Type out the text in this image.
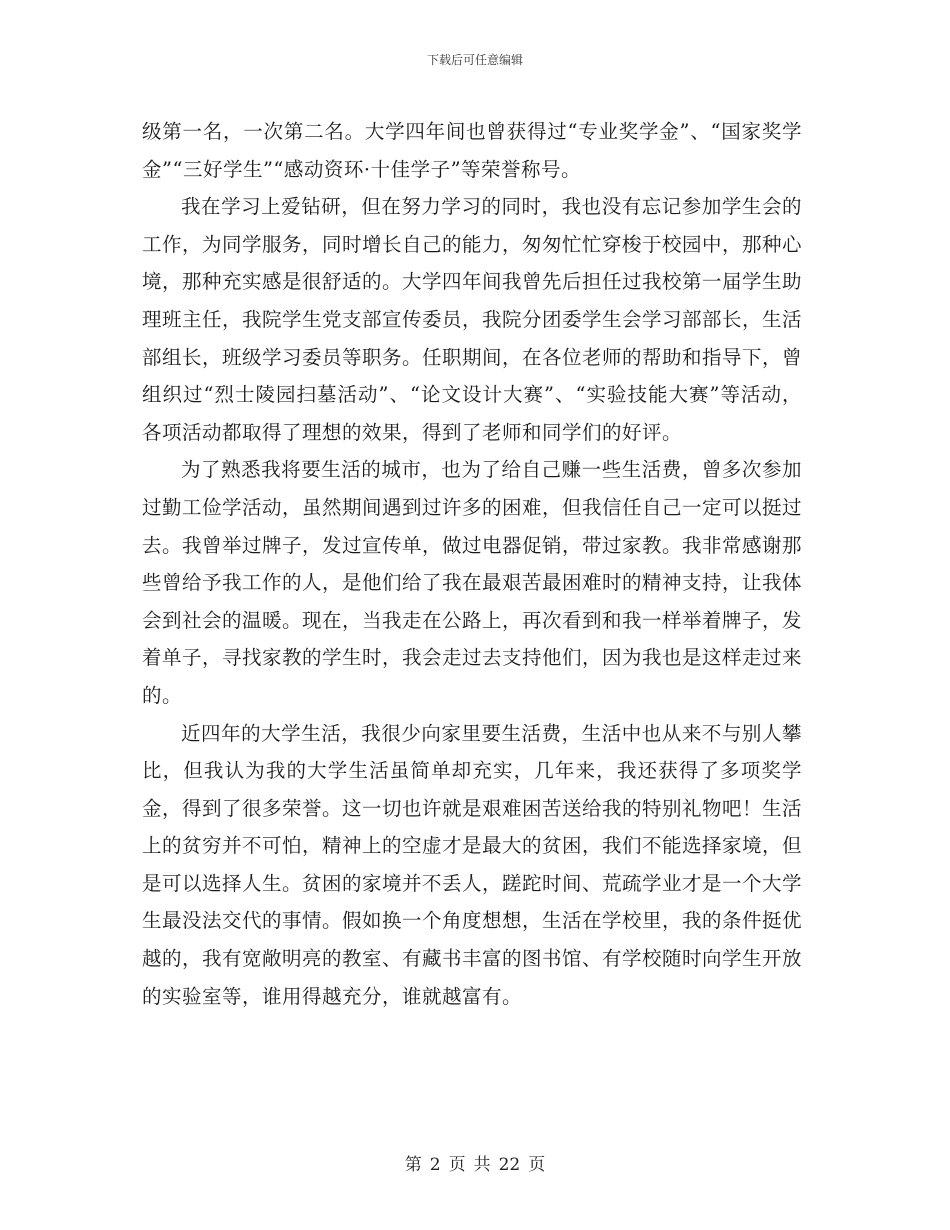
下载后可任意编辑

级第一名，一次第二名。大学四年间也曾获得过“专业奖学金”、“国家奖学金”“三好学生”“感动资环·十佳学子”等荣誉称号。

我在学习上爱钻研，但在努力学习的同时，我也没有忘记参加学生会的工作，为同学服务，同时增长自己的能力，匆匆忙忙穿梭于校园中，那种心境，那种充实感是很舒适的。大学四年间我曾先后担任过我校第一届学生助理班主任，我院学生党支部宣传委员，我院分团委学生会学习部部长，生活部组长，班级学习委员等职务。任职期间，在各位老师的帮助和指导下，曾组织过“烈士陵园扫墓活动”、“论文设计大赛”、“实验技能大赛”等活动，各项活动都取得了理想的效果，得到了老师和同学们的好评。

为了熟悉我将要生活的城市，也为了给自己赚一些生活费，曾多次参加过勤工俭学活动，虽然期间遇到过许多的困难，但我信任自己一定可以挺过去。我曾举过牌子，发过宣传单，做过电器促销，带过家教。我非常感谢那些曾给予我工作的人，是他们给了我在最艰苦最困难时的精神支持，让我体会到社会的温暖。现在，当我走在公路上，再次看到和我一样举着牌子，发着单子，寻找家教的学生时，我会走过去支持他们，因为我也是这样走过来的。

近四年的大学生活，我很少向家里要生活费，生活中也从来不与别人攀比，但我认为我的大学生活虽简单却充实，几年来，我还获得了多项奖学金，得到了很多荣誉。这一切也许就是艰难困苦送给我的特别礼物吧！生活上的贫穷并不可怕，精神上的空虚才是最大的贫困，我们不能选择家境，但是可以选择人生。贫困的家境并不丢人，蹉跎时间、荒疏学业才是一个大学生最没法交代的事情。假如换一个角度想想，生活在学校里，我的条件挺优越的，我有宽敞明亮的教室、有藏书丰富的图书馆、有学校随时向学生开放的实验室等，谁用得越充分，谁就越富有。

第 2 页 共 22 页
